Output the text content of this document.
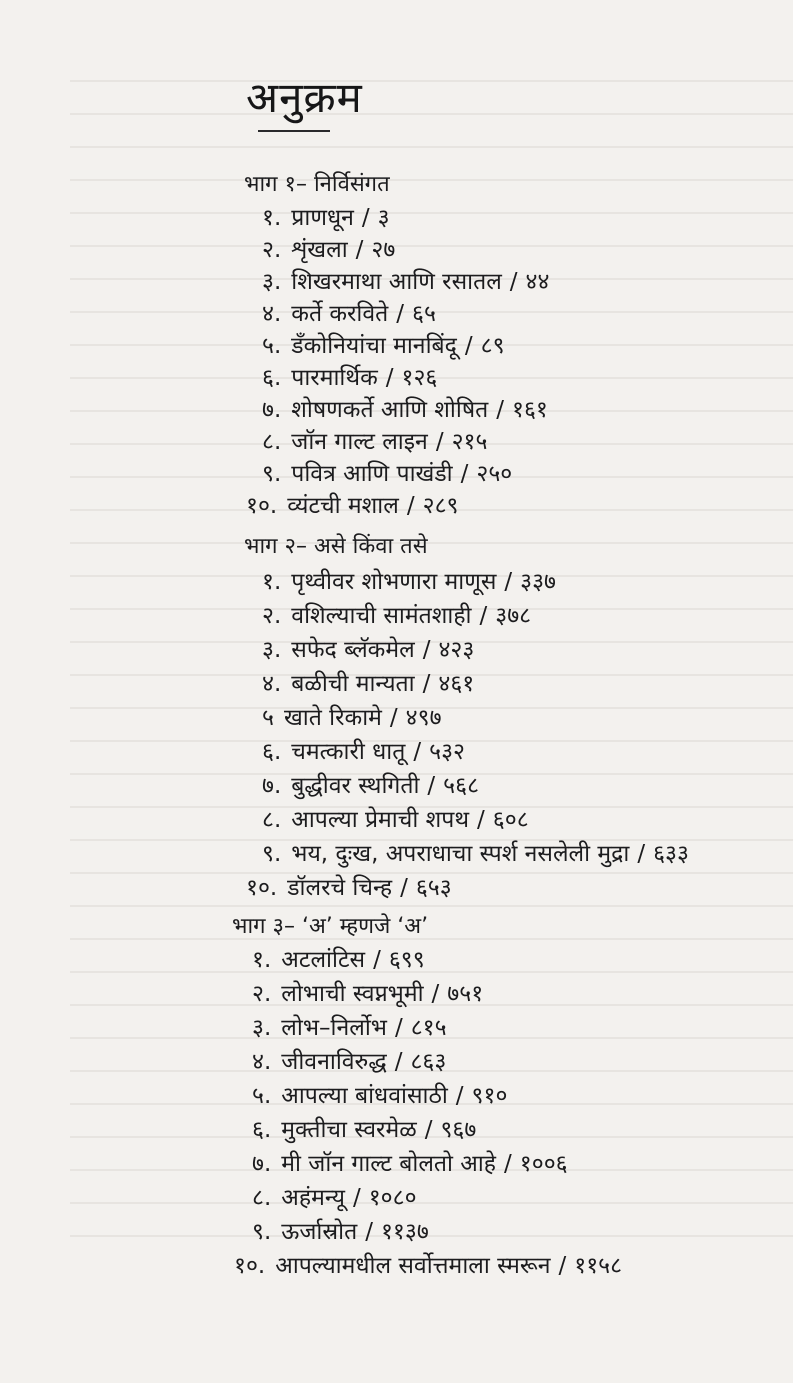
अनुक्रम
भाग १– निर्विसंगत
१. प्राणधून / ३
२. शृंखला / २७
३. शिखरमाथा आणि रसातल / ४४
४. कर्ते करविते / ६५
५. डँकोनियांचा मानबिंदू / ८९
६. पारमार्थिक / १२६
७. शोषणकर्ते आणि शोषित / १६१
८. जॉन गाल्ट लाइन / २१५
९. पवित्र आणि पाखंडी / २५०
१०. व्यंटची मशाल / २८९
भाग २– असे किंवा तसे
१. पृथ्वीवर शोभणारा माणूस / ३३७
२. वशिल्याची सामंतशाही / ३७८
३. सफेद ब्लॅकमेल / ४२३
४. बळीची मान्यता / ४६१
५ खाते रिकामे / ४९७
६. चमत्कारी धातू / ५३२
७. बुद्धीवर स्थगिती / ५६८
८. आपल्या प्रेमाची शपथ / ६०८
९. भय, दुःख, अपराधाचा स्पर्श नसलेली मुद्रा / ६३३
१०. डॉलरचे चिन्ह / ६५३
भाग ३– ‘अ’ म्हणजे ‘अ’
१. अटलांटिस / ६९९
२. लोभाची स्वप्नभूमी / ७५१
३. लोभ–निर्लोभ / ८१५
४. जीवनाविरुद्ध / ८६३
५. आपल्या बांधवांसाठी / ९१०
६. मुक्तीचा स्वरमेळ / ९६७
७. मी जॉन गाल्ट बोलतो आहे / १००६
८. अहंमन्यू / १०८०
९. ऊर्जास्रोत / ११३७
१०. आपल्यामधील सर्वोत्तमाला स्मरून / ११५८
